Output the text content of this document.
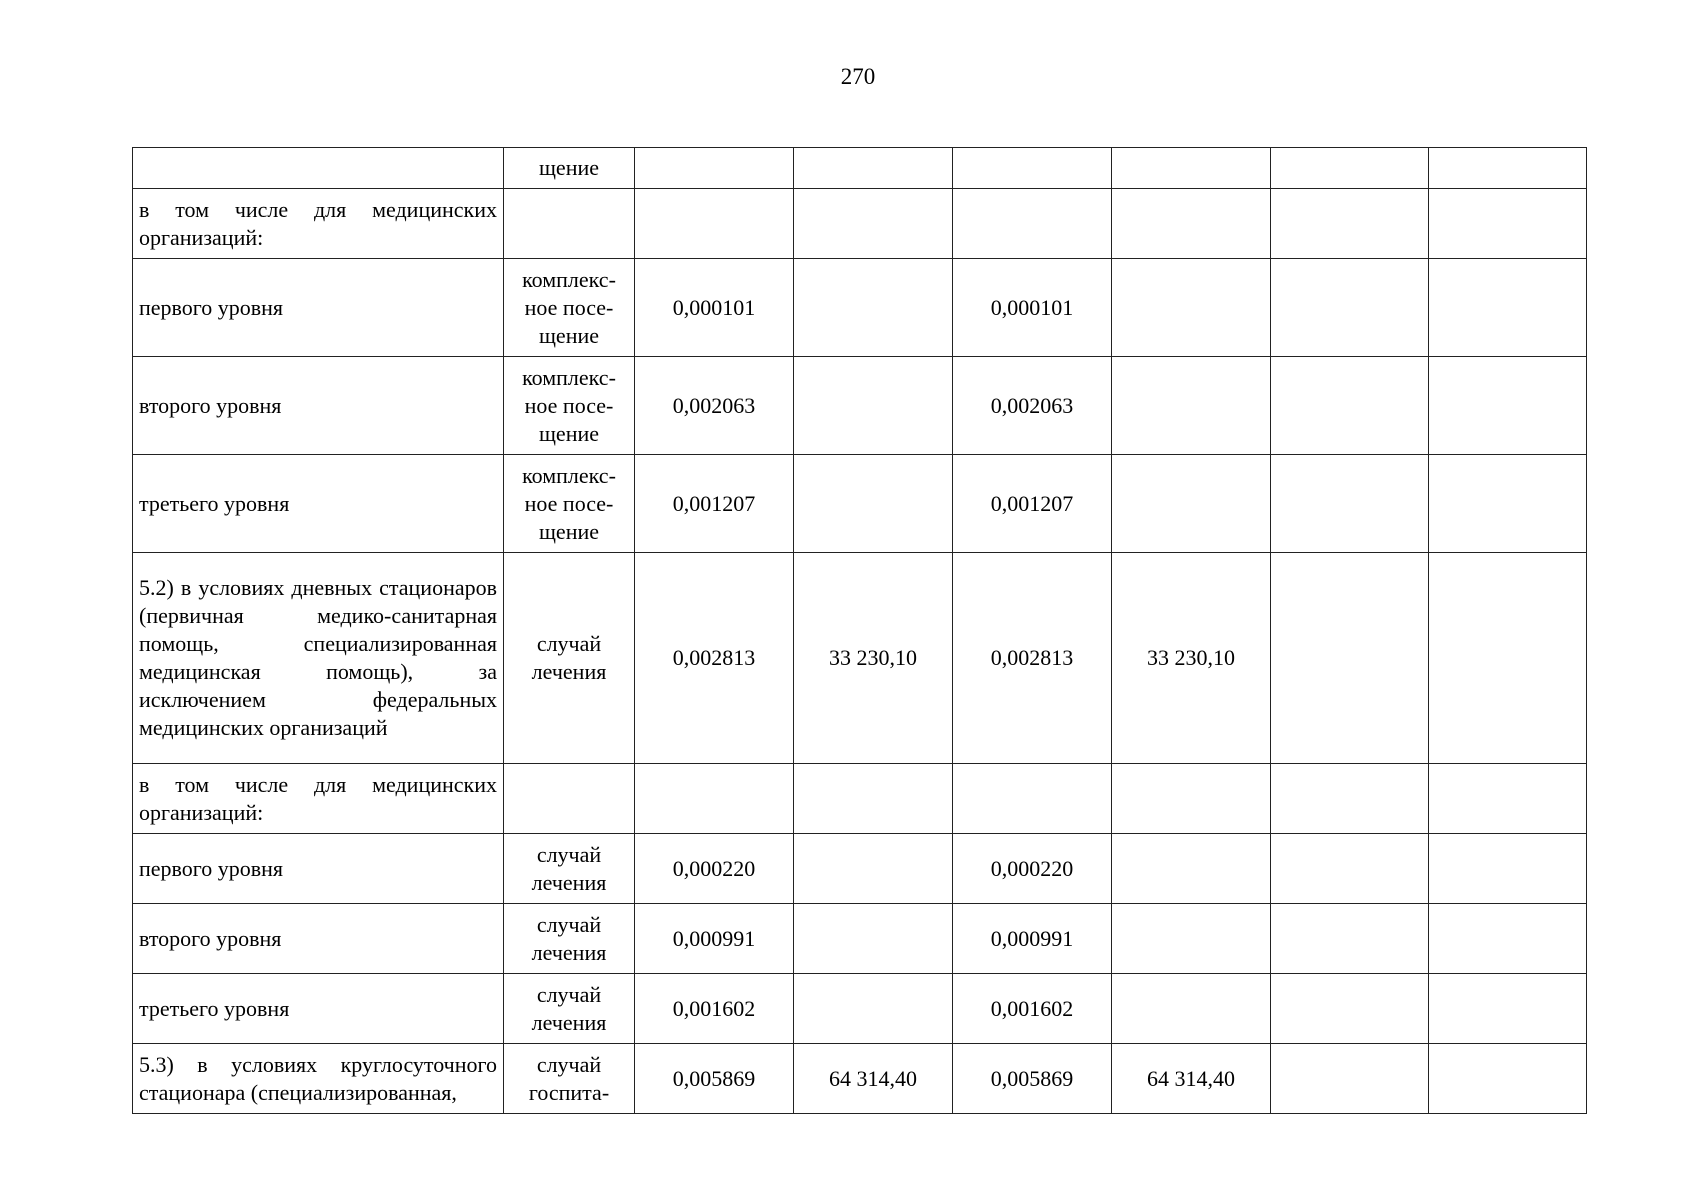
270
	щение						
в том числе для медицинских организаций:							
первого уровня	комплекс-ное посе-щение	0,000101		0,000101			
второго уровня	комплекс-ное посе-щение	0,002063		0,002063			
третьего уровня	комплекс-ное посе-щение	0,001207		0,001207			
5.2) в условиях дневных стационаров (первичная медико-санитарная помощь, специализированная медицинская помощь), за исключением федеральных медицинских организаций	случай лечения	0,002813	33 230,10	0,002813	33 230,10		
в том числе для медицинских организаций:							
первого уровня	случай лечения	0,000220		0,000220			
второго уровня	случай лечения	0,000991		0,000991			
третьего уровня	случай лечения	0,001602		0,001602			
5.3) в условиях круглосуточного стационара (специализированная,	случай госпита-	0,005869	64 314,40	0,005869	64 314,40		
